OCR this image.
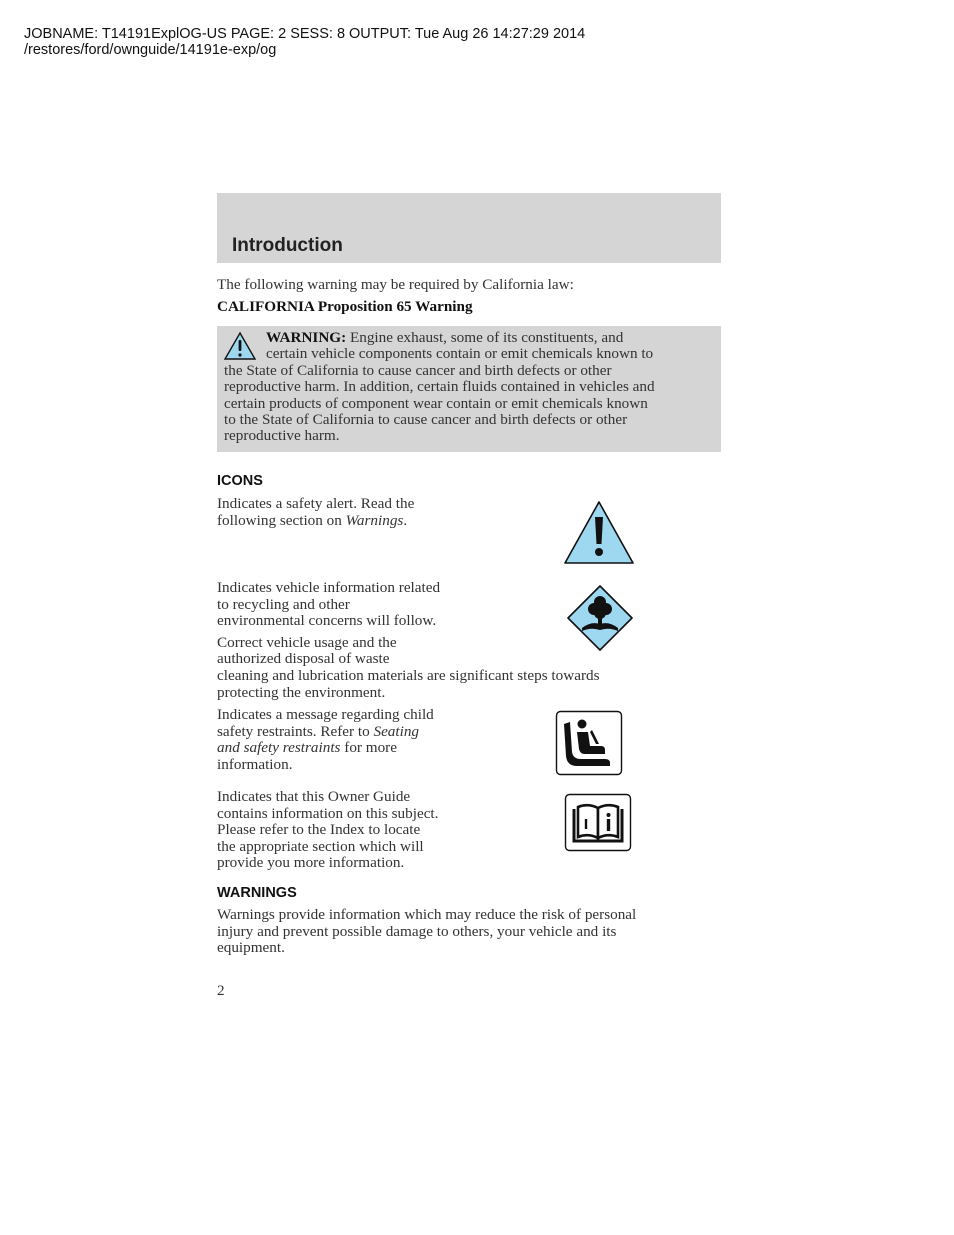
JOBNAME: T14191ExplOG-US PAGE: 2 SESS: 8 OUTPUT: Tue Aug 26 14:27:29 2014
/restores/ford/ownguide/14191e-exp/og
Introduction
The following warning may be required by California law:
CALIFORNIA Proposition 65 Warning
WARNING: Engine exhaust, some of its constituents, and
certain vehicle components contain or emit chemicals known to
the State of California to cause cancer and birth defects or other
reproductive harm. In addition, certain fluids contained in vehicles and
certain products of component wear contain or emit chemicals known
to the State of California to cause cancer and birth defects or other
reproductive harm.
ICONS
Indicates a safety alert. Read the
following section on Warnings.
Indicates vehicle information related
to recycling and other
environmental concerns will follow.
Correct vehicle usage and the
authorized disposal of waste
cleaning and lubrication materials are significant steps towards
protecting the environment.
Indicates a message regarding child
safety restraints. Refer to Seating
and safety restraints for more
information.
Indicates that this Owner Guide
contains information on this subject.
Please refer to the Index to locate
the appropriate section which will
provide you more information.
WARNINGS
Warnings provide information which may reduce the risk of personal
injury and prevent possible damage to others, your vehicle and its
equipment.
2
